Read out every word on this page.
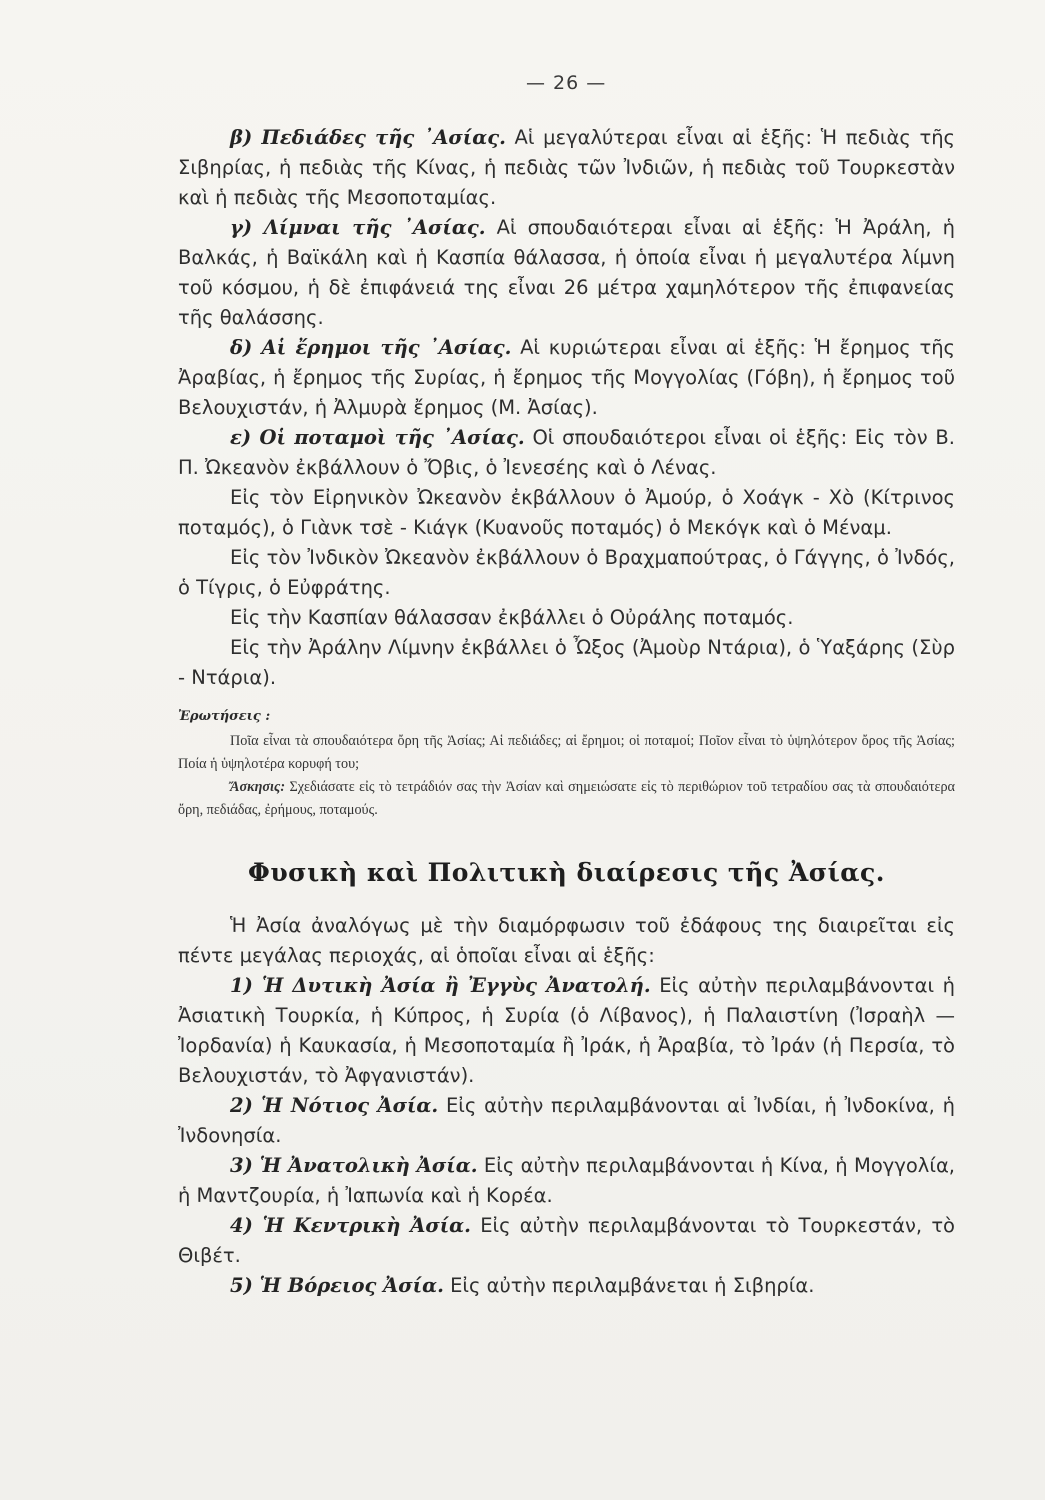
— 26 —

β) Πεδιάδες τῆς ᾿Ασίας. Αἱ μεγαλύτεραι εἶναι αἱ ἑξῆς: Ἡ πεδιὰς τῆς Σιβηρίας, ἡ πεδιὰς τῆς Κίνας, ἡ πεδιὰς τῶν Ἰνδιῶν, ἡ πεδιὰς τοῦ Τουρκεστὰν καὶ ἡ πεδιὰς τῆς Μεσοποταμίας.

γ) Λίμναι τῆς ᾿Ασίας. Αἱ σπουδαιότεραι εἶναι αἱ ἑξῆς: Ἡ Ἀράλη, ἡ Βαλκάς, ἡ Βαϊκάλη καὶ ἡ Κασπία θάλασσα, ἡ ὁποία εἶναι ἡ μεγαλυτέρα λίμνη τοῦ κόσμου, ἡ δὲ ἐπιφάνειά της εἶναι 26 μέτρα χαμηλότερον τῆς ἐπιφανείας τῆς θαλάσσης.

δ) Αἱ ἔρημοι τῆς ᾿Ασίας. Αἱ κυριώτεραι εἶναι αἱ ἑξῆς: Ἡ ἔρημος τῆς Ἀραβίας, ἡ ἔρημος τῆς Συρίας, ἡ ἔρημος τῆς Μογγολίας (Γόβη), ἡ ἔρημος τοῦ Βελουχιστάν, ἡ Ἀλμυρὰ ἔρημος (Μ. Ἀσίας).

ε) Οἱ ποταμοὶ τῆς ᾿Ασίας. Οἱ σπουδαιότεροι εἶναι οἱ ἑξῆς: Εἰς τὸν Β. Π. Ὠκεανὸν ἐκβάλλουν ὁ Ὄβις, ὁ Ἰενεσέης καὶ ὁ Λένας.

Εἰς τὸν Εἰρηνικὸν Ὠκεανὸν ἐκβάλλουν ὁ Ἀμούρ, ὁ Χοάγκ - Χὸ (Κίτρινος ποταμός), ὁ Γιὰνκ τσὲ - Κιάγκ (Κυανοῦς ποταμός) ὁ Μεκόγκ καὶ ὁ Μέναμ.

Εἰς τὸν Ἰνδικὸν Ὠκεανὸν ἐκβάλλουν ὁ Βραχμαπούτρας, ὁ Γάγγης, ὁ Ἰνδός, ὁ Τίγρις, ὁ Εὐφράτης.

Εἰς τὴν Κασπίαν θάλασσαν ἐκβάλλει ὁ Οὐράλης ποταμός.

Εἰς τὴν Ἀράλην Λίμνην ἐκβάλλει ὁ Ὦξος (Ἀμοὺρ Ντάρια), ὁ Ὑαξάρης (Σὺρ - Ντάρια).

Ἐρωτήσεις :

Ποῖα εἶναι τὰ σπουδαιότερα ὄρη τῆς Ἀσίας; Αἱ πεδιάδες; αἱ ἔρημοι; οἱ ποταμοί; Ποῖον εἶναι τὸ ὑψηλότερον ὄρος τῆς Ἀσίας; Ποία ἡ ὑψηλοτέρα κορυφή του;

Ἄσκησις: Σχεδιάσατε εἰς τὸ τετράδιόν σας τὴν Ἀσίαν καὶ σημειώσατε εἰς τὸ περιθώριον τοῦ τετραδίου σας τὰ σπουδαιότερα ὄρη, πεδιάδας, ἐρήμους, ποταμούς.

Φυσικὴ καὶ Πολιτικὴ διαίρεσις τῆς Ἀσίας.

Ἡ Ἀσία ἀναλόγως μὲ τὴν διαμόρφωσιν τοῦ ἐδάφους της διαιρεῖται εἰς πέντε μεγάλας περιοχάς, αἱ ὁποῖαι εἶναι αἱ ἑξῆς:

1) Ἡ Δυτικὴ Ἀσία ἢ Ἐγγὺς Ἀνατολή. Εἰς αὐτὴν περιλαμβάνονται ἡ Ἀσιατικὴ Τουρκία, ἡ Κύπρος, ἡ Συρία (ὁ Λίβανος), ἡ Παλαιστίνη (Ἰσραὴλ — Ἰορδανία) ἡ Καυκασία, ἡ Μεσοποταμία ἢ Ἰράκ, ἡ Ἀραβία, τὸ Ἰράν (ἡ Περσία, τὸ Βελουχιστάν, τὸ Ἀφγανιστάν).

2) Ἡ Νότιος Ἀσία. Εἰς αὐτὴν περιλαμβάνονται αἱ Ἰνδίαι, ἡ Ἰνδοκίνα, ἡ Ἰνδονησία.

3) Ἡ Ἀνατολικὴ Ἀσία. Εἰς αὐτὴν περιλαμβάνονται ἡ Κίνα, ἡ Μογγολία, ἡ Μαντζουρία, ἡ Ἰαπωνία καὶ ἡ Κορέα.

4) Ἡ Κεντρικὴ Ἀσία. Εἰς αὐτὴν περιλαμβάνονται τὸ Τουρκεστάν, τὸ Θιβέτ.

5) Ἡ Βόρειος Ἀσία. Εἰς αὐτὴν περιλαμβάνεται ἡ Σιβηρία.
